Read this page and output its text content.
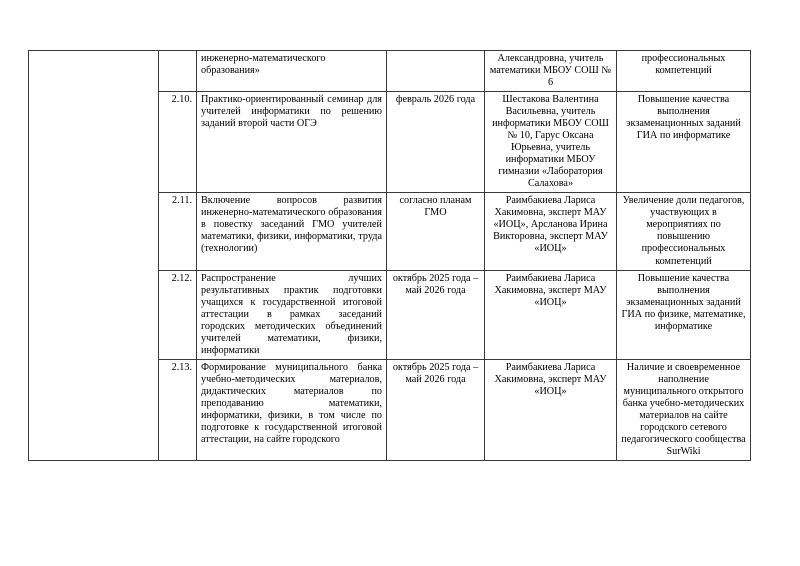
		инженерно-математического образования»		Александровна, учитель математики МБОУ СОШ № 6	профессиональных компетенций
	2.10.	Практико-ориентированный семинар для учителей информатики по решению заданий второй части ОГЭ	февраль 2026 года	Шестакова Валентина Васильевна, учитель информатики МБОУ СОШ № 10, Гарус Оксана Юрьевна, учитель информатики МБОУ гимназии «Лаборатория Салахова»	Повышение качества выполнения экзаменационных заданий ГИА по информатике
	2.11.	Включение вопросов развития инженерно-математического образования в повестку заседаний ГМО учителей математики, физики, информатики, труда (технологии)	согласно планам ГМО	Раимбакиева Лариса Хакимовна, эксперт МАУ «ИОЦ», Арсланова Ирина Викторовна, эксперт МАУ «ИОЦ»	Увеличение доли педагогов, участвующих в мероприятиях по повышению профессиональных компетенций
	2.12.	Распространение лучших результативных практик подготовки учащихся к государственной итоговой аттестации в рамках заседаний городских методических объединений учителей математики, физики, информатики	октябрь 2025 года – май 2026 года	Раимбакиева Лариса Хакимовна, эксперт МАУ «ИОЦ»	Повышение качества выполнения экзаменационных заданий ГИА по физике, математике, информатике
	2.13.	Формирование муниципального банка учебно-методических материалов, дидактических материалов по преподаванию математики, информатики, физики, в том числе по подготовке к государственной итоговой аттестации, на сайте городского	октябрь 2025 года – май 2026 года	Раимбакиева Лариса Хакимовна, эксперт МАУ «ИОЦ»	Наличие и своевременное наполнение муниципального открытого банка учебно-методических материалов на сайте городского сетевого педагогического сообщества SurWiki
